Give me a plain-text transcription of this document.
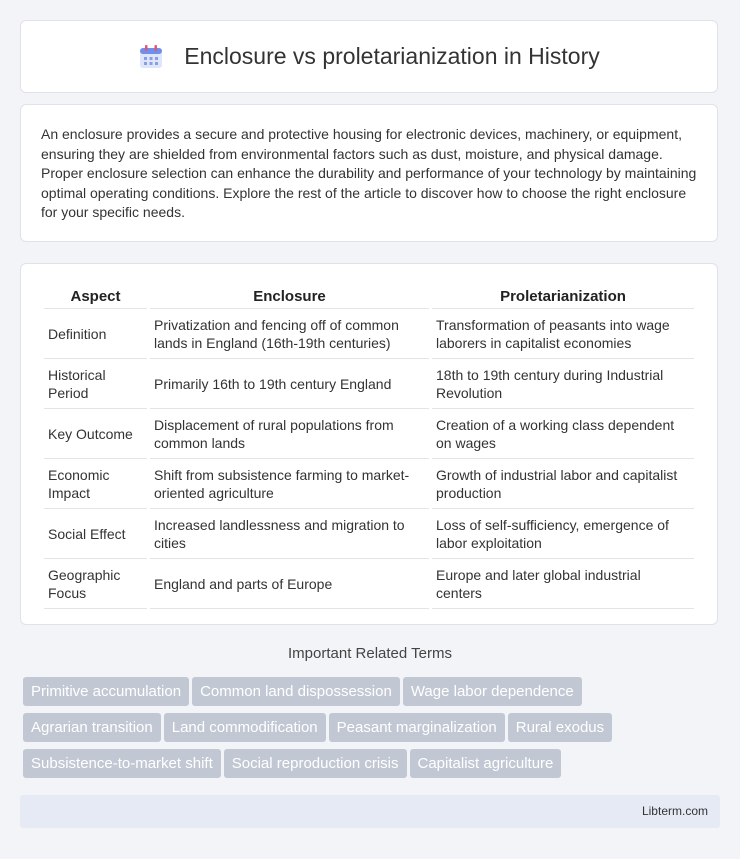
Enclosure vs proletarianization in History

An enclosure provides a secure and protective housing for electronic devices, machinery, or equipment, ensuring they are shielded from environmental factors such as dust, moisture, and physical damage. Proper enclosure selection can enhance the durability and performance of your technology by maintaining optimal operating conditions. Explore the rest of the article to discover how to choose the right enclosure for your specific needs.

Aspect	Enclosure	Proletarianization
Definition	Privatization and fencing off of common lands in England (16th-19th centuries)	Transformation of peasants into wage laborers in capitalist economies
Historical Period	Primarily 16th to 19th century England	18th to 19th century during Industrial Revolution
Key Outcome	Displacement of rural populations from common lands	Creation of a working class dependent on wages
Economic Impact	Shift from subsistence farming to market-oriented agriculture	Growth of industrial labor and capitalist production
Social Effect	Increased landlessness and migration to cities	Loss of self-sufficiency, emergence of labor exploitation
Geographic Focus	England and parts of Europe	Europe and later global industrial centers
Important Related Terms
Primitive accumulation Common land dispossession Wage labor dependence
Agrarian transition Land commodification Peasant marginalization Rural exodus
Subsistence-to-market shift Social reproduction crisis Capitalist agriculture
Libterm.com
